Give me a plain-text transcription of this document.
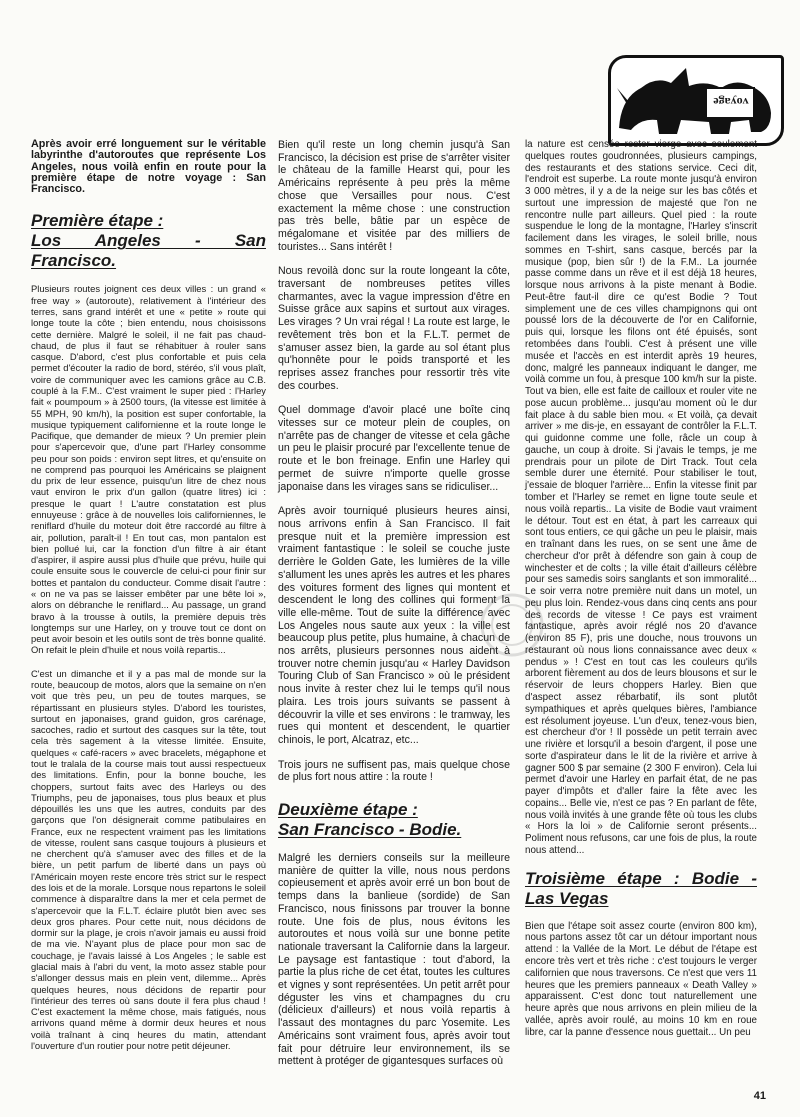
voyage

Après avoir erré longuement sur le véritable labyrinthe d'autoroutes que représente Los Angeles, nous voilà enfin en route pour la première étape de notre voyage : San Francisco.

Première étape :
Los Angeles - San Francisco.

Plusieurs routes joignent ces deux villes : un grand « free way » (autoroute), relativement à l'intérieur des terres, sans grand intérêt et une « petite » route qui longe toute la côte ; bien entendu, nous choisissons cette dernière. Malgré le soleil, il ne fait pas chaud-chaud, de plus il faut se réhabituer à rouler sans casque. D'abord, c'est plus confortable et puis cela permet d'écouter la radio de bord, stéréo, s'il vous plaît, voire de communiquer avec les camions grâce au C.B. couplé à la F.M.. C'est vraiment le super pied : l'Harley fait « poumpoum » à 2500 tours, (la vitesse est limitée à 55 MPH, 90 km/h), la position est super confortable, la musique typiquement californienne et la route longe le Pacifique, que demander de mieux ? Un premier plein pour s'apercevoir que, d'une part l'Harley consomme peu pour son poids : environ sept litres, et qu'ensuite on ne comprend pas pourquoi les Américains se plaignent du prix de leur essence, puisqu'un litre de chez nous vaut environ le prix d'un gallon (quatre litres) ici : presque le quart ! L'autre constatation est plus ennuyeuse : grâce à de nouvelles lois californiennes, le reniflard d'huile du moteur doit être raccordé au filtre à air, pollution, paraît-il ! En tout cas, mon pantalon est bien pollué lui, car la fonction d'un filtre à air étant d'aspirer, il aspire aussi plus d'huile que prévu, huile qui coule ensuite sous le couvercle de celui-ci pour finir sur bottes et pantalon du conducteur. Comme disait l'autre : « on ne va pas se laisser embêter par une bête loi », alors on débranche le reniflard... Au passage, un grand bravo à la trousse à outils, la première depuis très longtemps sur une Harley, on y trouve tout ce dont on peut avoir besoin et les outils sont de très bonne qualité. On refait le plein d'huile et nous voilà repartis...

C'est un dimanche et il y a pas mal de monde sur la route, beaucoup de motos, alors que la semaine on n'en voit que très peu, un peu de toutes marques, se répartissant en plusieurs styles. D'abord les touristes, surtout en japonaises, grand guidon, gros carénage, sacoches, radio et surtout des casques sur la tête, tout cela très sagement à la vitesse limitée. Ensuite, quelques « café-racers » avec bracelets, mégaphone et tout le tralala de la course mais tout aussi respectueux des limitations. Enfin, pour la bonne bouche, les choppers, surtout faits avec des Harleys ou des Triumphs, peu de japonaises, tous plus beaux et plus dépouillés les uns que les autres, conduits par des garçons que l'on désignerait comme patibulaires en France, eux ne respectent vraiment pas les limitations de vitesse, roulent sans casque toujours à plusieurs et ne cherchent qu'à s'amuser avec des filles et de la bière, un petit parfum de liberté dans un pays où l'Américain moyen reste encore très strict sur le respect des lois et de la morale. Lorsque nous repartons le soleil commence à disparaître dans la mer et cela permet de s'apercevoir que la F.L.T. éclaire plutôt bien avec ses deux gros phares. Pour cette nuit, nous décidons de dormir sur la plage, je crois n'avoir jamais eu aussi froid de ma vie. N'ayant plus de place pour mon sac de couchage, je l'avais laissé à Los Angeles ; le sable est glacial mais à l'abri du vent, la moto assez stable pour s'allonger dessus mais en plein vent, dilemme... Après quelques heures, nous décidons de repartir pour l'intérieur des terres où sans doute il fera plus chaud ! C'est exactement la même chose, mais fatigués, nous arrivons quand même à dormir deux heures et nous voilà traînant à cinq heures du matin, attendant l'ouverture d'un routier pour notre petit déjeuner.

Bien qu'il reste un long chemin jusqu'à San Francisco, la décision est prise de s'arrêter visiter le château de la famille Hearst qui, pour les Américains représente à peu près la même chose que Versailles pour nous. C'est exactement la même chose : une construction pas très belle, bâtie par un espèce de mégalomane et visitée par des milliers de touristes... Sans intérêt !

Nous revoilà donc sur la route longeant la côte, traversant de nombreuses petites villes charmantes, avec la vague impression d'être en Suisse grâce aux sapins et surtout aux virages. Les virages ? Un vrai régal ! La route est large, le revêtement très bon et la F.L.T. permet de s'amuser assez bien, la garde au sol étant plus qu'honnête pour le poids transporté et les reprises assez franches pour ressortir très vite des courbes.

Quel dommage d'avoir placé une boîte cinq vitesses sur ce moteur plein de couples, on n'arrête pas de changer de vitesse et cela gâche un peu le plaisir procuré par l'excellente tenue de route et le bon freinage. Enfin une Harley qui permet de suivre n'importe quelle grosse japonaise dans les virages sans se ridiculiser...

Après avoir tourniqué plusieurs heures ainsi, nous arrivons enfin à San Francisco. Il fait presque nuit et la première impression est vraiment fantastique : le soleil se couche juste derrière le Golden Gate, les lumières de la ville s'allument les unes après les autres et les phares des voitures forment des lignes qui montent et descendent le long des collines qui forment la ville elle-même. Tout de suite la différence avec Los Angeles nous saute aux yeux : la ville est beaucoup plus petite, plus humaine, à chacun de nos arrêts, plusieurs personnes nous aident à trouver notre chemin jusqu'au « Harley Davidson Touring Club of San Francisco » où le président nous invite à rester chez lui le temps qu'il nous plaira. Les trois jours suivants se passent à découvrir la ville et ses environs : le tramway, les rues qui montent et descendent, le quartier chinois, le port, Alcatraz, etc...

Trois jours ne suffisent pas, mais quelque chose de plus fort nous attire : la route !

Deuxième étape :
San Francisco - Bodie.

Malgré les derniers conseils sur la meilleure manière de quitter la ville, nous nous perdons copieusement et après avoir erré un bon bout de temps dans la banlieue (sordide) de San Francisco, nous finissons par trouver la bonne route. Une fois de plus, nous évitons les autoroutes et nous voilà sur une bonne petite nationale traversant la Californie dans la largeur. Le paysage est fantastique : tout d'abord, la partie la plus riche de cet état, toutes les cultures et vignes y sont représentées. Un petit arrêt pour déguster les vins et champagnes du cru (délicieux d'ailleurs) et nous voilà repartis à l'assaut des montagnes du parc Yosemite. Les Américains sont vraiment fous, après avoir tout fait pour détruire leur environnement, ils se mettent à protéger de gigantesques surfaces où

la nature est censée rester vierge avec seulement quelques routes goudronnées, plusieurs campings, des restaurants et des stations service. Ceci dit, l'endroit est superbe. La route monte jusqu'à environ 3 000 mètres, il y a de la neige sur les bas côtés et surtout une impression de majesté que l'on ne rencontre nulle part ailleurs. Quel pied : la route suspendue le long de la montagne, l'Harley s'inscrit facilement dans les virages, le soleil brille, nous sommes en T-shirt, sans casque, bercés par la musique (pop, bien sûr !) de la F.M.. La journée passe comme dans un rêve et il est déjà 18 heures, lorsque nous arrivons à la piste menant à Bodie. Peut-être faut-il dire ce qu'est Bodie ? Tout simplement une de ces villes champignons qui ont poussé lors de la découverte de l'or en Californie, puis qui, lorsque les filons ont été épuisés, sont retombées dans l'oubli. C'est à présent une ville musée et l'accès en est interdit après 19 heures, donc, malgré les panneaux indiquant le danger, me voilà comme un fou, à presque 100 km/h sur la piste. Tout va bien, elle est faite de cailloux et rouler vite ne pose aucun problème... jusqu'au moment où le dur fait place à du sable bien mou. « Et voilà, ça devait arriver » me dis-je, en essayant de contrôler la F.L.T. qui guidonne comme une folle, râcle un coup à gauche, un coup à droite. Si j'avais le temps, je me prendrais pour un pilote de Dirt Track. Tout cela semble durer une éternité. Pour stabiliser le tout, j'essaie de bloquer l'arrière... Enfin la vitesse finit par tomber et l'Harley se remet en ligne toute seule et nous voilà repartis.. La visite de Bodie vaut vraiment le détour. Tout est en état, à part les carreaux qui sont tous entiers, ce qui gâche un peu le plaisir, mais en traînant dans les rues, on se sent une âme de chercheur d'or prêt à défendre son gain à coup de winchester et de colts ; la ville était d'ailleurs célèbre pour ses samedis soirs sanglants et son immoralité... Le soir verra notre première nuit dans un motel, un peu plus loin. Rendez-vous dans cinq cents ans pour des records de vitesse ! Ce pays est vraiment fantastique, après avoir réglé nos 20 d'avance (environ 85 F), pris une douche, nous trouvons un restaurant où nous lions connaissance avec deux « pendus » ! C'est en tout cas les couleurs qu'ils arborent fièrement au dos de leurs blousons et sur le réservoir de leurs choppers Harley. Bien que d'aspect assez rébarbatif, ils sont plutôt sympathiques et après quelques bières, l'ambiance est résolument joyeuse. L'un d'eux, tenez-vous bien, est chercheur d'or ! Il possède un petit terrain avec une rivière et lorsqu'il a besoin d'argent, il pose une sorte d'aspirateur dans le lit de la rivière et arrive à gagner 500 $ par semaine (2 300 F environ). Cela lui permet d'avoir une Harley en parfait état, de ne pas payer d'impôts et d'aller faire la fête avec les copains... Belle vie, n'est ce pas ? En parlant de fête, nous voilà invités à une grande fête où tous les clubs « Hors la loi » de Californie seront présents... Poliment nous refusons, car une fois de plus, la route nous attend...

Troisième étape : Bodie - Las Vegas

Bien que l'étape soit assez courte (environ 800 km), nous partons assez tôt car un détour important nous attend : la Vallée de la Mort. Le début de l'étape est encore très vert et très riche : c'est toujours le verger californien que nous traversons. Ce n'est que vers 11 heures que les premiers panneaux « Death Valley » apparaissent. C'est donc tout naturellement une heure après que nous arrivons en plein milieu de la vallée, après avoir roulé, au moins 10 km en roue libre, car la panne d'essence nous guettait... Un peu

41
